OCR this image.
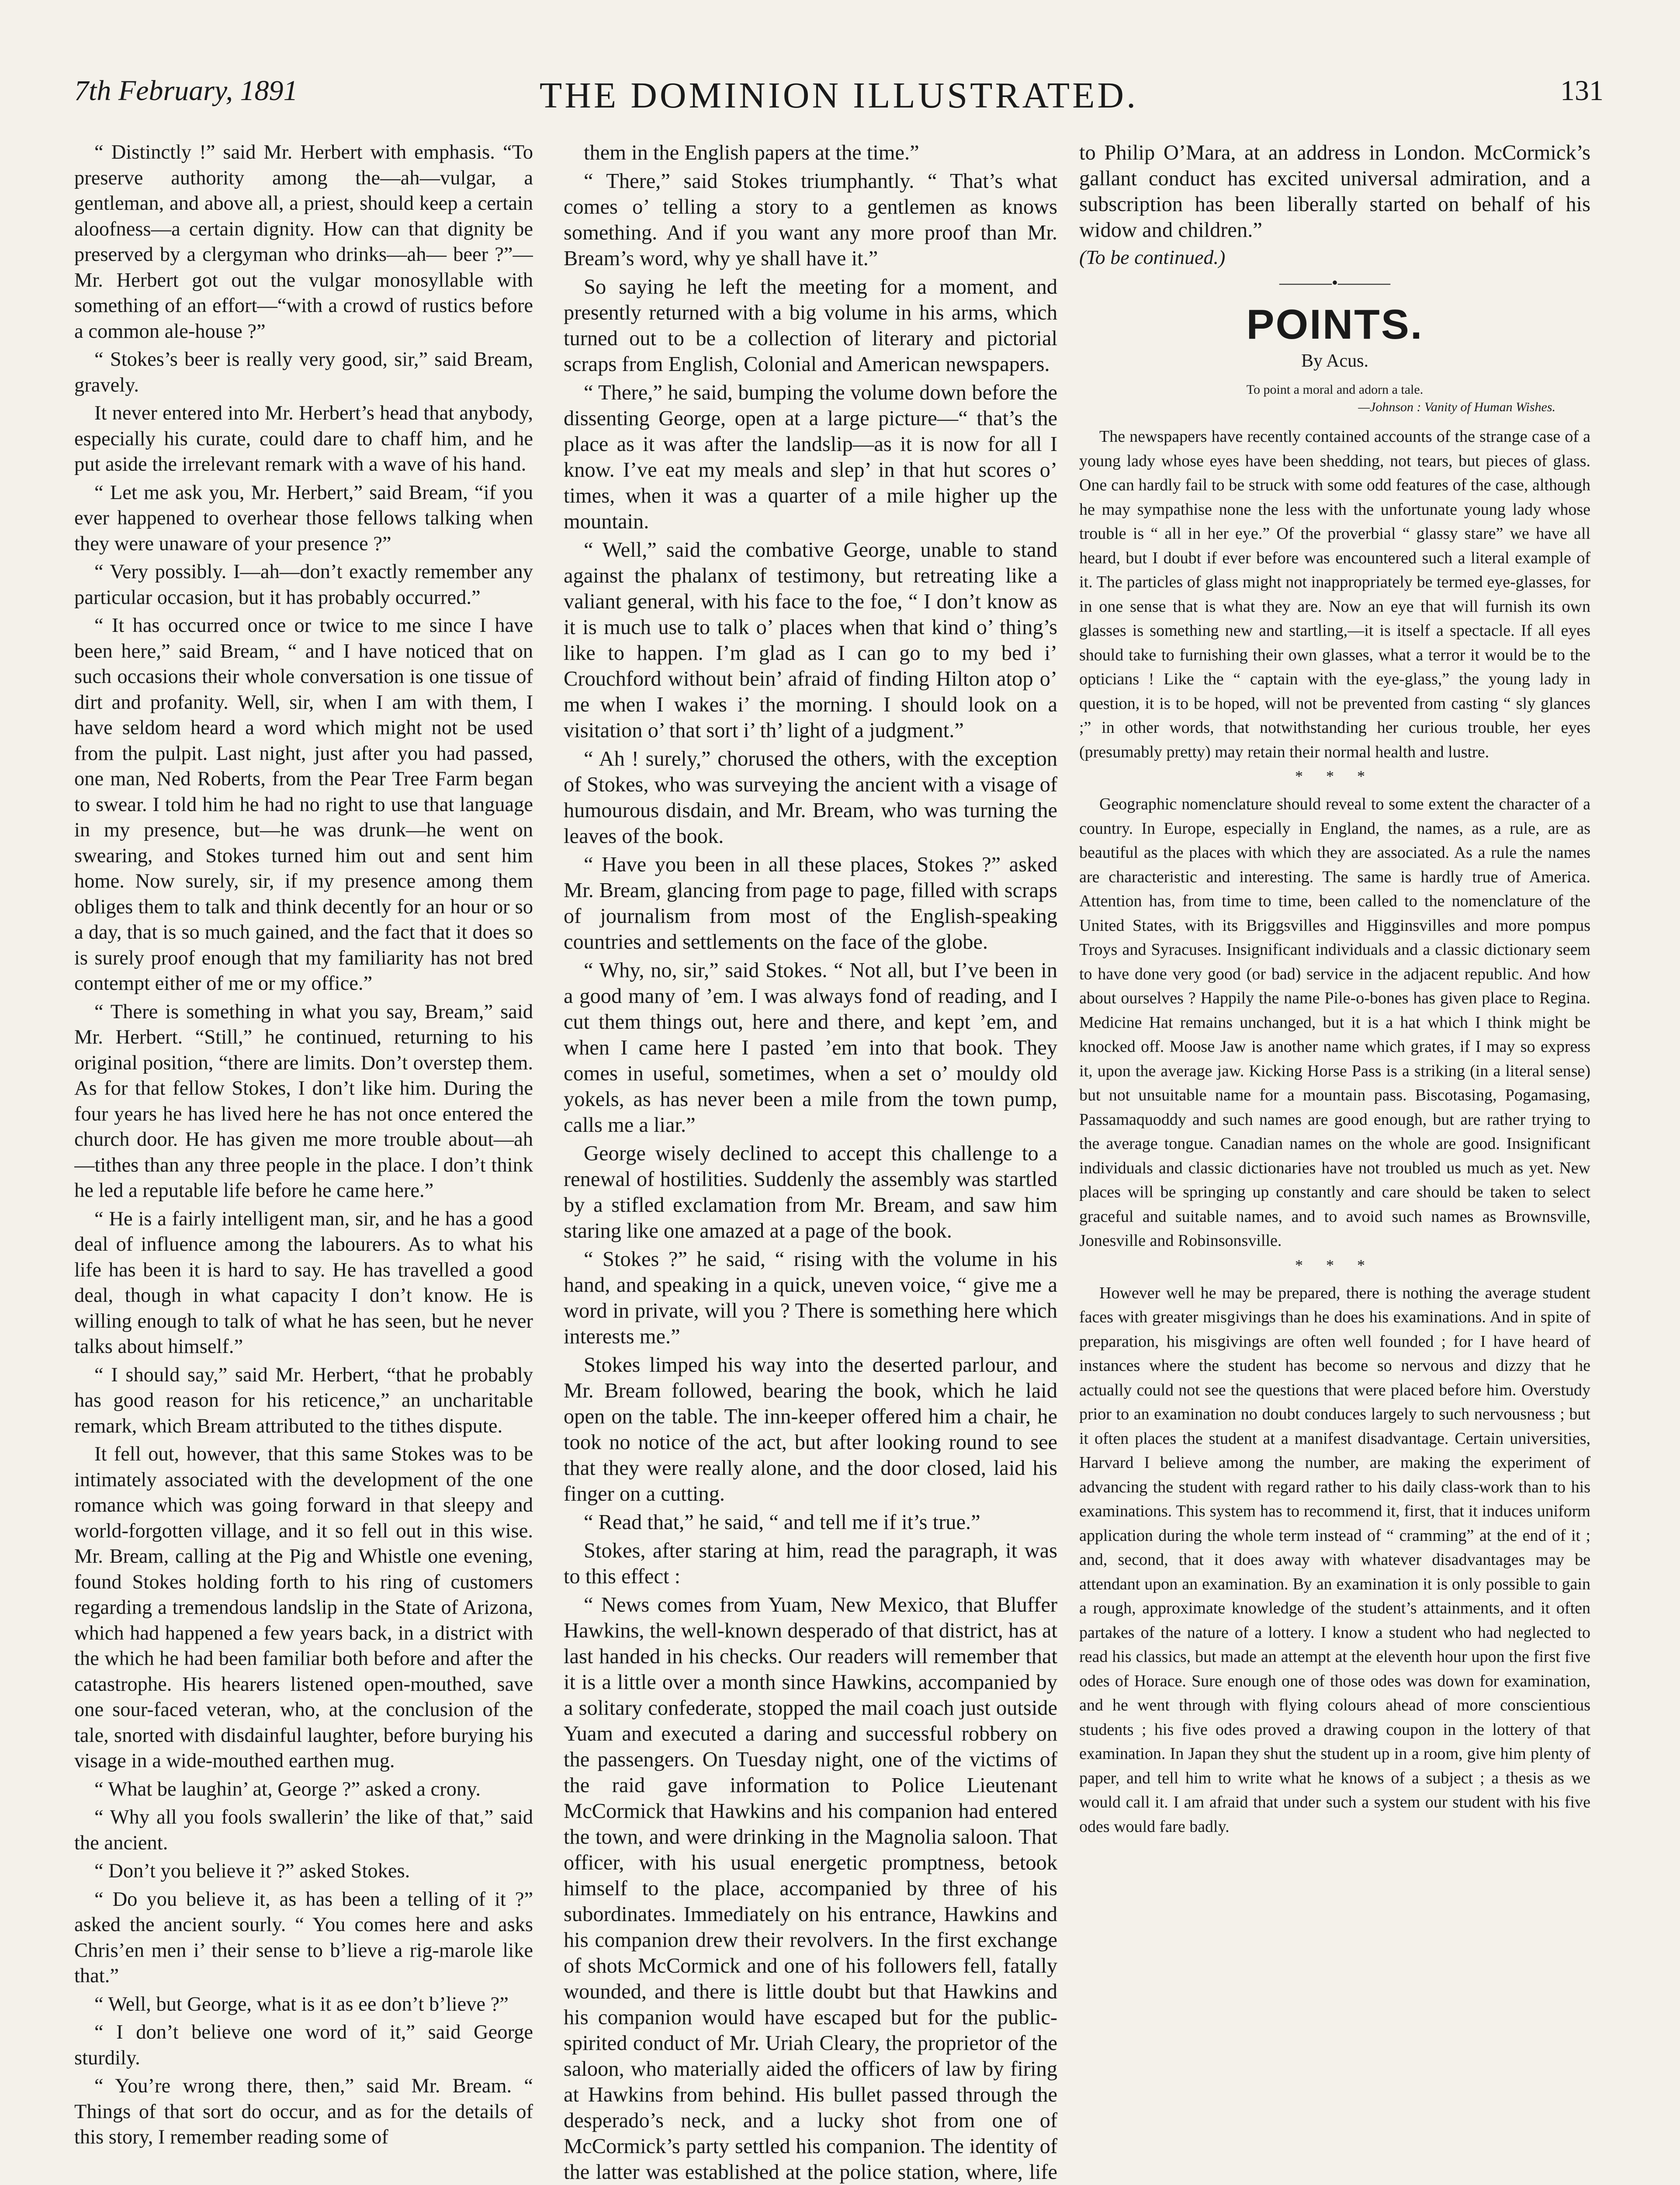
7th February, 1891	THE DOMINION ILLUSTRATED.	131

“ Distinctly !” said Mr. Herbert with emphasis. “To preserve authority among the—ah—vulgar, a gentleman, and above all, a priest, should keep a certain aloofness—a certain dignity. How can that dignity be preserved by a clergyman who drinks—ah— beer ?”—Mr. Herbert got out the vulgar monosyllable with something of an effort—“with a crowd of rustics before a common ale-house ?”

“ Stokes’s beer is really very good, sir,” said Bream, gravely.

It never entered into Mr. Herbert’s head that anybody, especially his curate, could dare to chaff him, and he put aside the irrelevant remark with a wave of his hand.

“ Let me ask you, Mr. Herbert,” said Bream, “if you ever happened to overhear those fellows talking when they were unaware of your presence ?”

“ Very possibly. I—ah—don’t exactly remember any particular occasion, but it has probably occurred.”

“ It has occurred once or twice to me since I have been here,” said Bream, “ and I have noticed that on such occasions their whole conversation is one tissue of dirt and profanity. Well, sir, when I am with them, I have seldom heard a word which might not be used from the pulpit. Last night, just after you had passed, one man, Ned Roberts, from the Pear Tree Farm began to swear. I told him he had no right to use that language in my presence, but—he was drunk—he went on swearing, and Stokes turned him out and sent him home. Now surely, sir, if my presence among them obliges them to talk and think decently for an hour or so a day, that is so much gained, and the fact that it does so is surely proof enough that my familiarity has not bred contempt either of me or my office.”

“ There is something in what you say, Bream,” said Mr. Herbert. “Still,” he continued, returning to his original position, “there are limits. Don’t overstep them. As for that fellow Stokes, I don’t like him. During the four years he has lived here he has not once entered the church door. He has given me more trouble about—ah—tithes than any three people in the place. I don’t think he led a reputable life before he came here.”

“ He is a fairly intelligent man, sir, and he has a good deal of influence among the labourers. As to what his life has been it is hard to say. He has travelled a good deal, though in what capacity I don’t know. He is willing enough to talk of what he has seen, but he never talks about himself.”

“ I should say,” said Mr. Herbert, “that he probably has good reason for his reticence,” an uncharitable remark, which Bream attributed to the tithes dispute.

It fell out, however, that this same Stokes was to be intimately associated with the development of the one romance which was going forward in that sleepy and world-forgotten village, and it so fell out in this wise. Mr. Bream, calling at the Pig and Whistle one evening, found Stokes holding forth to his ring of customers regarding a tremendous landslip in the State of Arizona, which had happened a few years back, in a district with the which he had been familiar both before and after the catastrophe. His hearers listened open-mouthed, save one sour-faced veteran, who, at the conclusion of the tale, snorted with disdainful laughter, before burying his visage in a wide-mouthed earthen mug.

“ What be laughin’ at, George ?” asked a crony.

“ Why all you fools swallerin’ the like of that,” said the ancient.

“ Don’t you believe it ?” asked Stokes.

“ Do you believe it, as has been a telling of it ?” asked the ancient sourly. “ You comes here and asks Chris’en men i’ their sense to b’lieve a rig-marole like that.”

“ Well, but George, what is it as ee don’t b’lieve ?”

“ I don’t believe one word of it,” said George sturdily.

“ You’re wrong there, then,” said Mr. Bream. “ Things of that sort do occur, and as for the details of this story, I remember reading some of

them in the English papers at the time.”

“ There,” said Stokes triumphantly. “ That’s what comes o’ telling a story to a gentlemen as knows something. And if you want any more proof than Mr. Bream’s word, why ye shall have it.”

So saying he left the meeting for a moment, and presently returned with a big volume in his arms, which turned out to be a collection of literary and pictorial scraps from English, Colonial and American newspapers.

“ There,” he said, bumping the volume down before the dissenting George, open at a large picture—“ that’s the place as it was after the landslip—as it is now for all I know. I’ve eat my meals and slep’ in that hut scores o’ times, when it was a quarter of a mile higher up the mountain.

“ Well,” said the combative George, unable to stand against the phalanx of testimony, but retreating like a valiant general, with his face to the foe, “ I don’t know as it is much use to talk o’ places when that kind o’ thing’s like to happen. I’m glad as I can go to my bed i’ Crouchford without bein’ afraid of finding Hilton atop o’ me when I wakes i’ the morning. I should look on a visitation o’ that sort i’ th’ light of a judgment.”

“ Ah ! surely,” chorused the others, with the exception of Stokes, who was surveying the ancient with a visage of humourous disdain, and Mr. Bream, who was turning the leaves of the book.

“ Have you been in all these places, Stokes ?” asked Mr. Bream, glancing from page to page, filled with scraps of journalism from most of the English-speaking countries and settlements on the face of the globe.

“ Why, no, sir,” said Stokes. “ Not all, but I’ve been in a good many of ’em. I was always fond of reading, and I cut them things out, here and there, and kept ’em, and when I came here I pasted ’em into that book. They comes in useful, sometimes, when a set o’ mouldy old yokels, as has never been a mile from the town pump, calls me a liar.”

George wisely declined to accept this challenge to a renewal of hostilities. Suddenly the assembly was startled by a stifled exclamation from Mr. Bream, and saw him staring like one amazed at a page of the book.

“ Stokes ?” he said, “ rising with the volume in his hand, and speaking in a quick, uneven voice, “ give me a word in private, will you ? There is something here which interests me.”

Stokes limped his way into the deserted parlour, and Mr. Bream followed, bearing the book, which he laid open on the table. The inn-keeper offered him a chair, he took no notice of the act, but after looking round to see that they were really alone, and the door closed, laid his finger on a cutting.

“ Read that,” he said, “ and tell me if it’s true.”

Stokes, after staring at him, read the paragraph, it was to this effect :

“ News comes from Yuam, New Mexico, that Bluffer Hawkins, the well-known desperado of that district, has at last handed in his checks. Our readers will remember that it is a little over a month since Hawkins, accompanied by a solitary confederate, stopped the mail coach just outside Yuam and executed a daring and successful robbery on the passengers. On Tuesday night, one of the victims of the raid gave information to Police Lieutenant McCormick that Hawkins and his companion had entered the town, and were drinking in the Magnolia saloon. That officer, with his usual energetic promptness, betook himself to the place, accompanied by three of his subordinates. Immediately on his entrance, Hawkins and his companion drew their revolvers. In the first exchange of shots McCormick and one of his followers fell, fatally wounded, and there is little doubt but that Hawkins and his companion would have escaped but for the public-spirited conduct of Mr. Uriah Cleary, the proprietor of the saloon, who materially aided the officers of law by firing at Hawkins from behind. His bullet passed through the desperado’s neck, and a lucky shot from one of McCormick’s party settled his companion. The identity of the latter was established at the police station, where, life

to Philip O’Mara, at an address in London. McCormick’s gallant conduct has excited universal admiration, and a subscription has been liberally started on behalf of his widow and children.”

(To be continued.)

———•———
POINTS.
By Acus.
To point a moral and adorn a tale.
—Johnson : Vanity of Human Wishes.

The newspapers have recently contained accounts of the strange case of a young lady whose eyes have been shedding, not tears, but pieces of glass. One can hardly fail to be struck with some odd features of the case, although he may sympathise none the less with the unfortunate young lady whose trouble is “ all in her eye.” Of the proverbial “ glassy stare” we have all heard, but I doubt if ever before was encountered such a literal example of it. The particles of glass might not inappropriately be termed eye-glasses, for in one sense that is what they are. Now an eye that will furnish its own glasses is something new and startling,—it is itself a spectacle. If all eyes should take to furnishing their own glasses, what a terror it would be to the opticians ! Like the “ captain with the eye-glass,” the young lady in question, it is to be hoped, will not be prevented from casting “ sly glances ;” in other words, that notwithstanding her curious trouble, her eyes (presumably pretty) may retain their normal health and lustre.

* * *

Geographic nomenclature should reveal to some extent the character of a country. In Europe, especially in England, the names, as a rule, are as beautiful as the places with which they are associated. As a rule the names are characteristic and interesting. The same is hardly true of America. Attention has, from time to time, been called to the nomenclature of the United States, with its Briggsvilles and Higginsvilles and more pompus Troys and Syracuses. Insignificant individuals and a classic dictionary seem to have done very good (or bad) service in the adjacent republic. And how about ourselves ? Happily the name Pile-o-bones has given place to Regina. Medicine Hat remains unchanged, but it is a hat which I think might be knocked off. Moose Jaw is another name which grates, if I may so express it, upon the average jaw. Kicking Horse Pass is a striking (in a literal sense) but not unsuitable name for a mountain pass. Biscotasing, Pogamasing, Passamaquoddy and such names are good enough, but are rather trying to the average tongue. Canadian names on the whole are good. Insignificant individuals and classic dictionaries have not troubled us much as yet. New places will be springing up constantly and care should be taken to select graceful and suitable names, and to avoid such names as Brownsville, Jonesville and Robinsonsville.

* * *

However well he may be prepared, there is nothing the average student faces with greater misgivings than he does his examinations. And in spite of preparation, his misgivings are often well founded ; for I have heard of instances where the student has become so nervous and dizzy that he actually could not see the questions that were placed before him. Overstudy prior to an examination no doubt conduces largely to such nervousness ; but it often places the student at a manifest disadvantage. Certain universities, Harvard I believe among the number, are making the experiment of advancing the student with regard rather to his daily class-work than to his examinations. This system has to recommend it, first, that it induces uniform application during the whole term instead of “ cramming” at the end of it ; and, second, that it does away with whatever disadvantages may be attendant upon an examination. By an examination it is only possible to gain a rough, approximate knowledge of the student’s attainments, and it often partakes of the nature of a lottery. I know a student who had neglected to read his classics, but made an attempt at the eleventh hour upon the first five odes of Horace. Sure enough one of those odes was down for examination, and he went through with flying colours ahead of more conscientious students ; his five odes proved a drawing coupon in the lottery of that examination. In Japan they shut the student up in a room, give him plenty of paper, and tell him to write what he knows of a subject ; a thesis as we would call it. I am afraid that under such a system our student with his five odes would fare badly.
